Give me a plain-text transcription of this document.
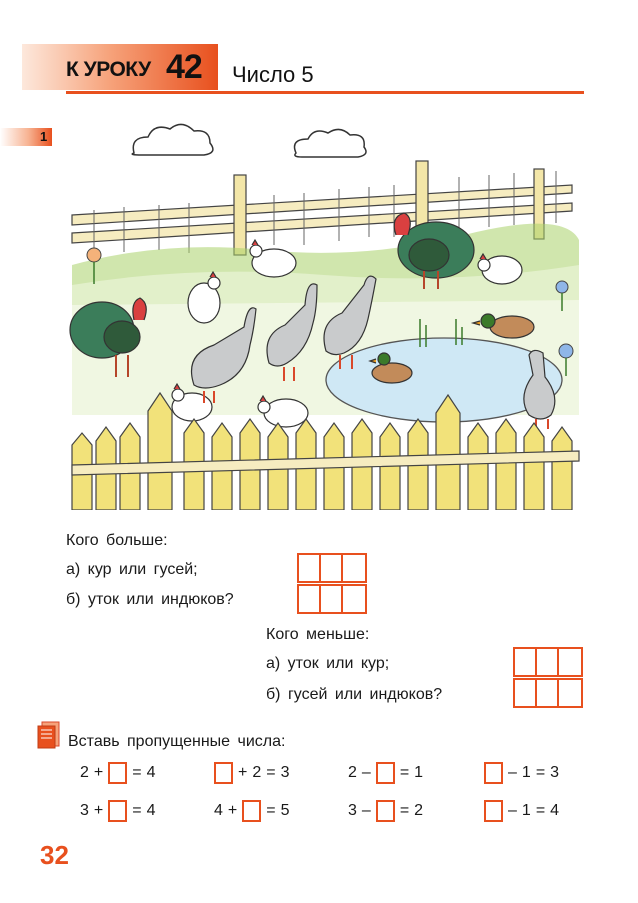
К УРОКУ 42 Число 5
1
Кого больше:
а) кур или гусей;
б) уток или индюков?
Кого меньше:
а) уток или кур;
б) гусей или индюков?
Вставь пропущенные числа:
2 + = 4	+ 2 = 3	2 – = 1	– 1 = 3
3 + = 4	4 + = 5	3 – = 2	– 1 = 4
32
